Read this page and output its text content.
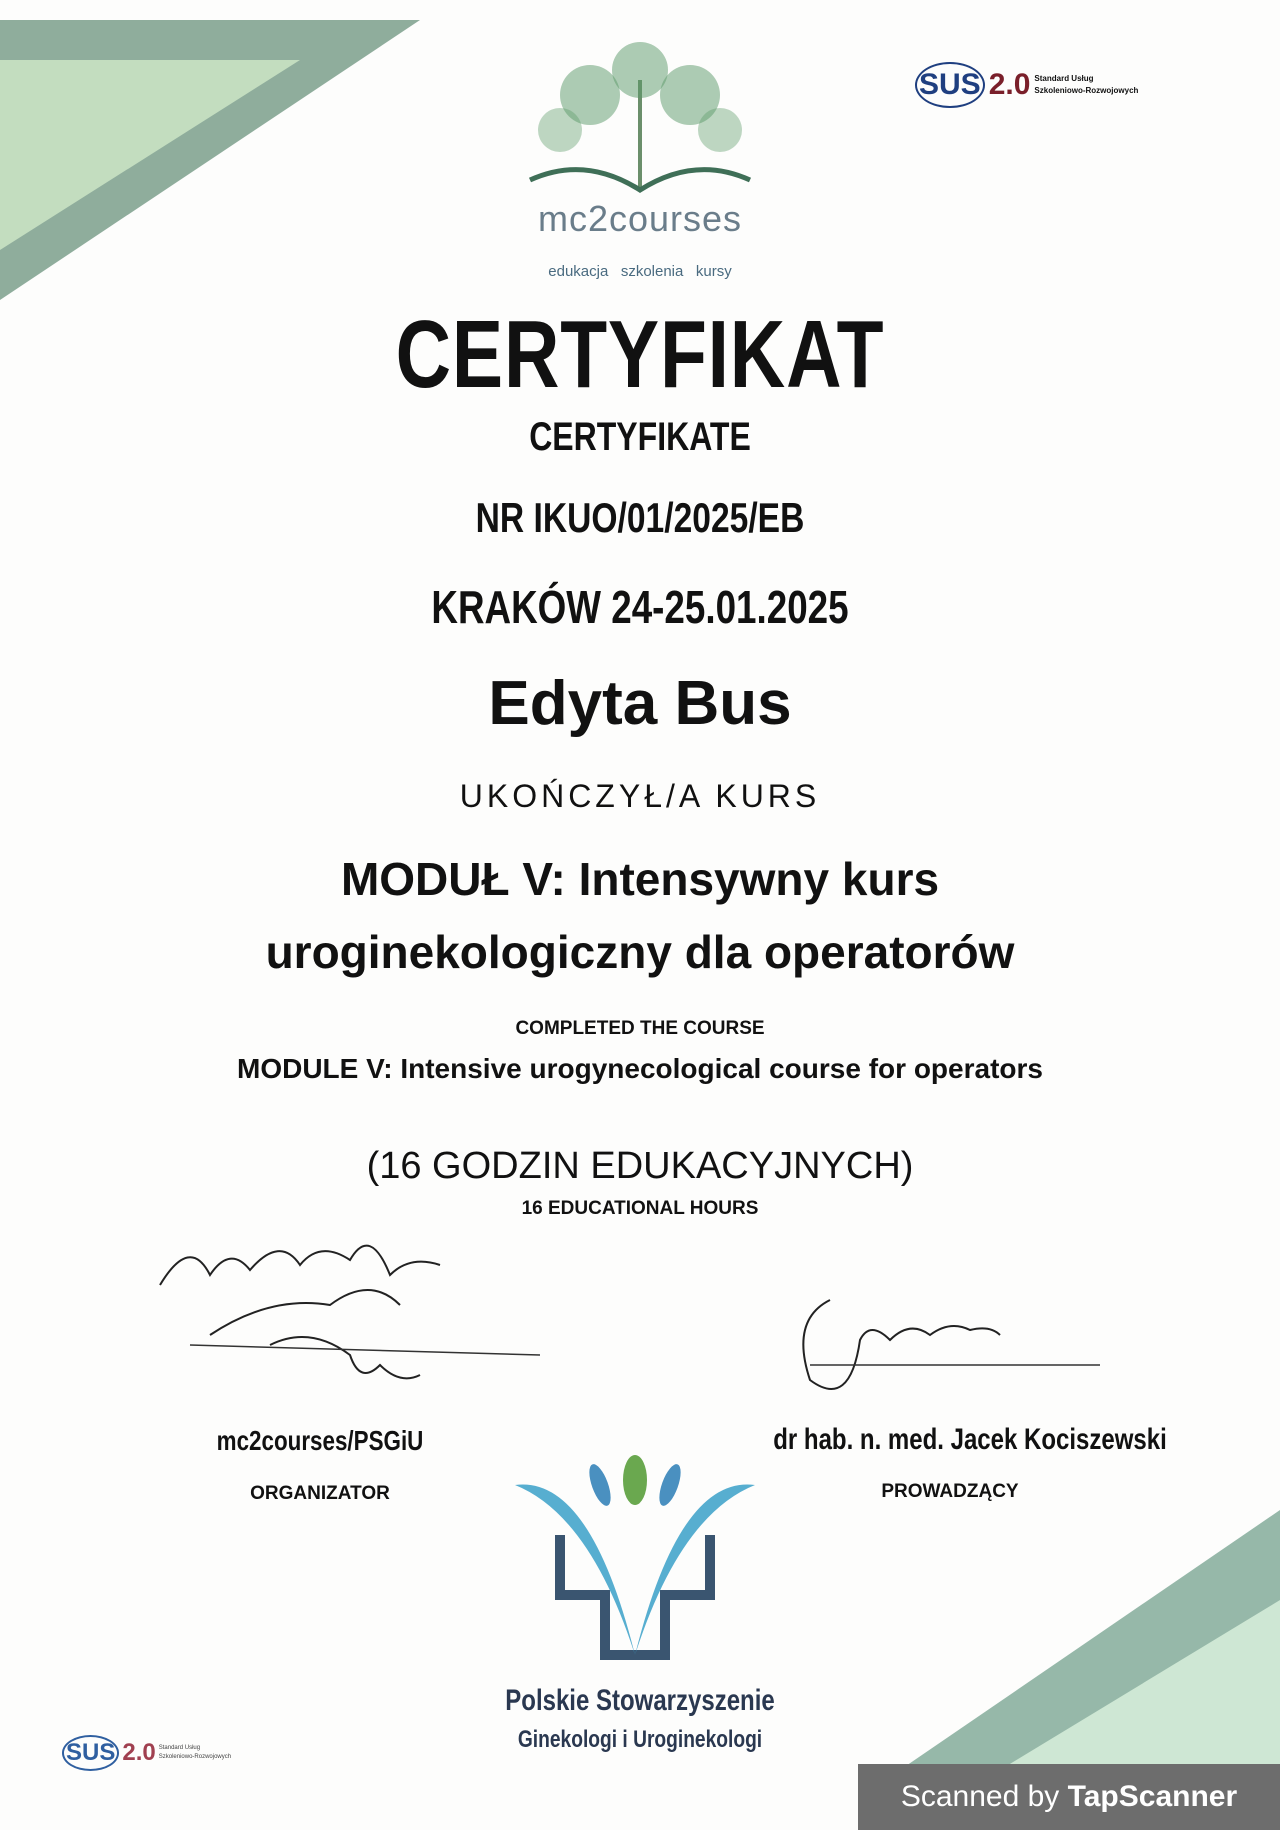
mc2courses
edukacja   szkolenia   kursy
SUS 2.0 Standard Usług
Szkoleniowo-Rozwojowych
CERTYFIKAT
CERTYFIKATE
NR IKUO/01/2025/EB
KRAKÓW 24-25.01.2025
Edyta Bus
UKOŃCZYŁ/A KURS
MODUŁ V: Intensywny kurs
uroginekologiczny dla operatorów
COMPLETED THE COURSE
MODULE V: Intensive urogynecological course for operators
(16 GODZIN EDUKACYJNYCH)
16 EDUCATIONAL HOURS
mc2courses/PSGiU
ORGANIZATOR
dr hab. n. med. Jacek Kociszewski
PROWADZĄCY
Polskie Stowarzyszenie
Ginekologi i Uroginekologi
SUS 2.0 Standard Usług
Szkoleniowo-Rozwojowych
Scanned by TapScanner
